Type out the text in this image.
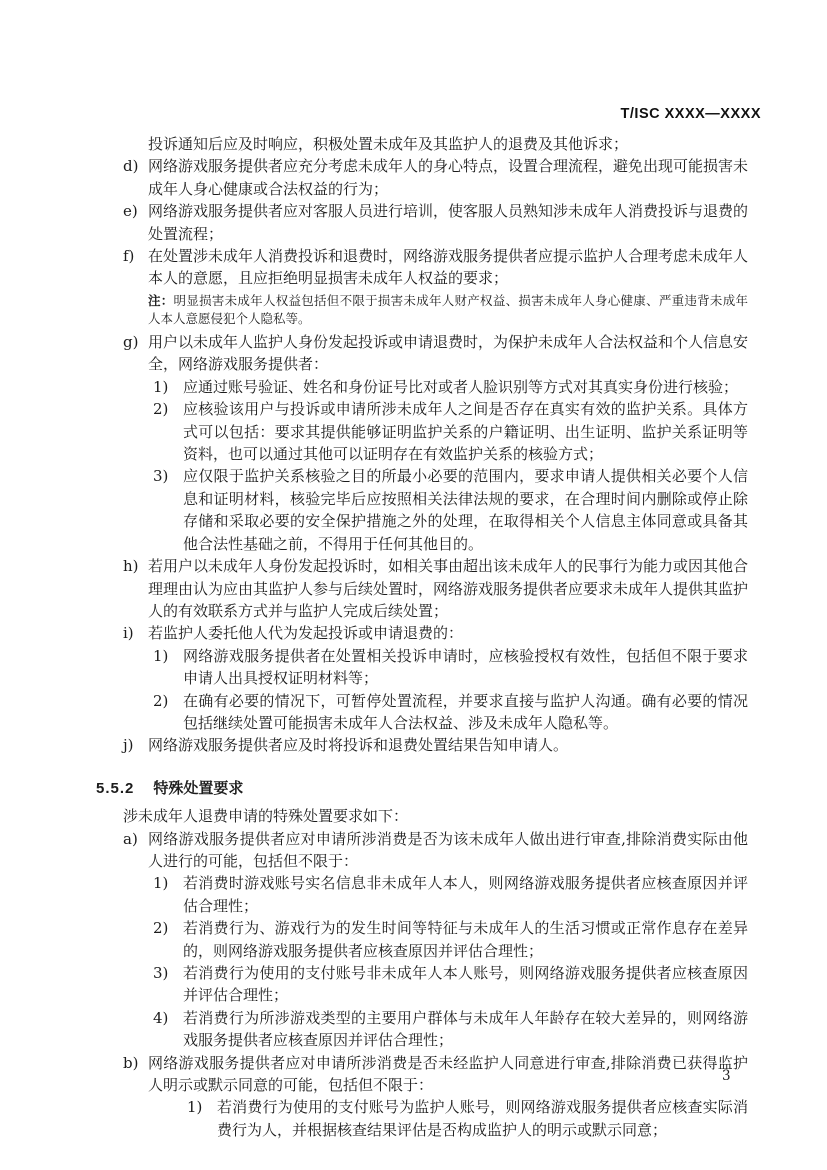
T/ISC XXXX—XXXX
投诉通知后应及时响应，积极处置未成年及其监护人的退费及其他诉求；
d) 网络游戏服务提供者应充分考虑未成年人的身心特点，设置合理流程，避免出现可能损害未成年人身心健康或合法权益的行为；
e) 网络游戏服务提供者应对客服人员进行培训，使客服人员熟知涉未成年人消费投诉与退费的处置流程；
f) 在处置涉未成年人消费投诉和退费时，网络游戏服务提供者应提示监护人合理考虑未成年人本人的意愿，且应拒绝明显损害未成年人权益的要求；
注：明显损害未成年人权益包括但不限于损害未成年人财产权益、损害未成年人身心健康、严重违背未成年人本人意愿侵犯个人隐私等。
g) 用户以未成年人监护人身份发起投诉或申请退费时，为保护未成年人合法权益和个人信息安全，网络游戏服务提供者：
1) 应通过账号验证、姓名和身份证号比对或者人脸识别等方式对其真实身份进行核验；
2) 应核验该用户与投诉或申请所涉未成年人之间是否存在真实有效的监护关系。具体方式可以包括：要求其提供能够证明监护关系的户籍证明、出生证明、监护关系证明等资料，也可以通过其他可以证明存在有效监护关系的核验方式；
3) 应仅限于监护关系核验之目的所最小必要的范围内，要求申请人提供相关必要个人信息和证明材料，核验完毕后应按照相关法律法规的要求，在合理时间内删除或停止除存储和采取必要的安全保护措施之外的处理，在取得相关个人信息主体同意或具备其他合法性基础之前，不得用于任何其他目的。
h) 若用户以未成年人身份发起投诉时，如相关事由超出该未成年人的民事行为能力或因其他合理理由认为应由其监护人参与后续处置时，网络游戏服务提供者应要求未成年人提供其监护人的有效联系方式并与监护人完成后续处置；
i) 若监护人委托他人代为发起投诉或申请退费的：
1) 网络游戏服务提供者在处置相关投诉申请时，应核验授权有效性，包括但不限于要求申请人出具授权证明材料等；
2) 在确有必要的情况下，可暂停处置流程，并要求直接与监护人沟通。确有必要的情况包括继续处置可能损害未成年人合法权益、涉及未成年人隐私等。
j) 网络游戏服务提供者应及时将投诉和退费处置结果告知申请人。
5.5.2 特殊处置要求
涉未成年人退费申请的特殊处置要求如下：
a) 网络游戏服务提供者应对申请所涉消费是否为该未成年人做出进行审查,排除消费实际由他人进行的可能，包括但不限于：
1) 若消费时游戏账号实名信息非未成年人本人，则网络游戏服务提供者应核查原因并评估合理性；
2) 若消费行为、游戏行为的发生时间等特征与未成年人的生活习惯或正常作息存在差异的，则网络游戏服务提供者应核查原因并评估合理性；
3) 若消费行为使用的支付账号非未成年人本人账号，则网络游戏服务提供者应核查原因并评估合理性；
4) 若消费行为所涉游戏类型的主要用户群体与未成年人年龄存在较大差异的，则网络游戏服务提供者应核查原因并评估合理性；
b) 网络游戏服务提供者应对申请所涉消费是否未经监护人同意进行审查,排除消费已获得监护人明示或默示同意的可能，包括但不限于：
1) 若消费行为使用的支付账号为监护人账号，则网络游戏服务提供者应核查实际消费行为人，并根据核查结果评估是否构成监护人的明示或默示同意；
3
